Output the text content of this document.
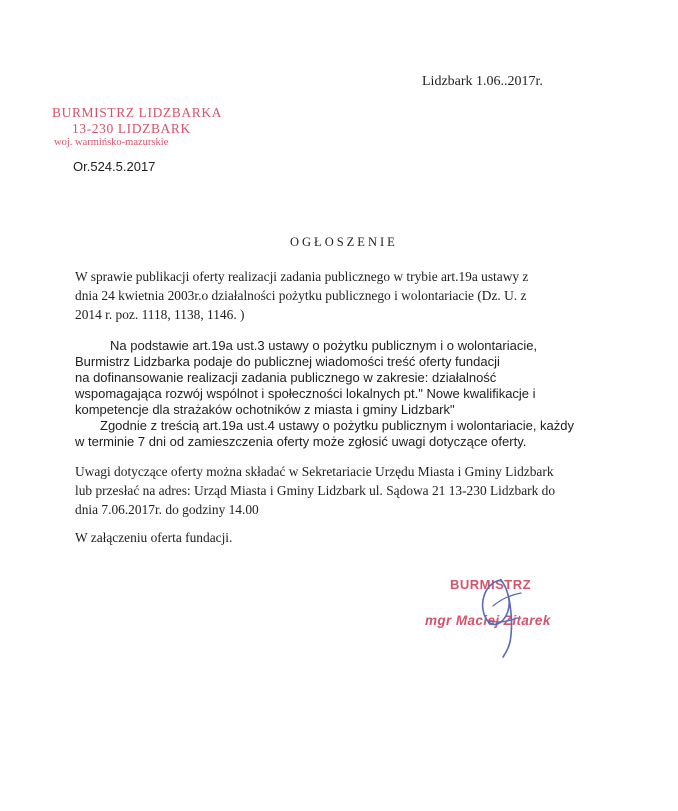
Lidzbark 1.06..2017r.
BURMISTRZ LIDZBARKA
13-230 LIDZBARK
woj. warmińsko-mazurskie
Or.524.5.2017
OGŁOSZENIE
W sprawie publikacji oferty realizacji zadania publicznego w trybie art.19a ustawy z
dnia 24 kwietnia 2003r.o działalności pożytku publicznego i wolontariacie (Dz. U. z
2014 r. poz. 1118, 1138, 1146. )
Na podstawie art.19a ust.3 ustawy o pożytku publicznym i o wolontariacie,
Burmistrz Lidzbarka podaje do publicznej wiadomości treść oferty fundacji
na dofinansowanie realizacji zadania publicznego w zakresie: działalność
wspomagająca rozwój wspólnot i społeczności lokalnych pt." Nowe kwalifikacje i
kompetencje dla strażaków ochotników z miasta i gminy Lidzbark"
Zgodnie z treścią art.19a ust.4 ustawy o pożytku publicznym i wolontariacie, każdy
w terminie 7 dni od zamieszczenia oferty może zgłosić uwagi dotyczące oferty.
Uwagi dotyczące oferty można składać w Sekretariacie Urzędu Miasta i Gminy Lidzbark
lub przesłać na adres: Urząd Miasta i Gminy Lidzbark ul. Sądowa 21 13-230 Lidzbark do
dnia 7.06.2017r. do godziny 14.00
W załączeniu oferta fundacji.
BURMISTRZ
mgr Maciej Zitarek
